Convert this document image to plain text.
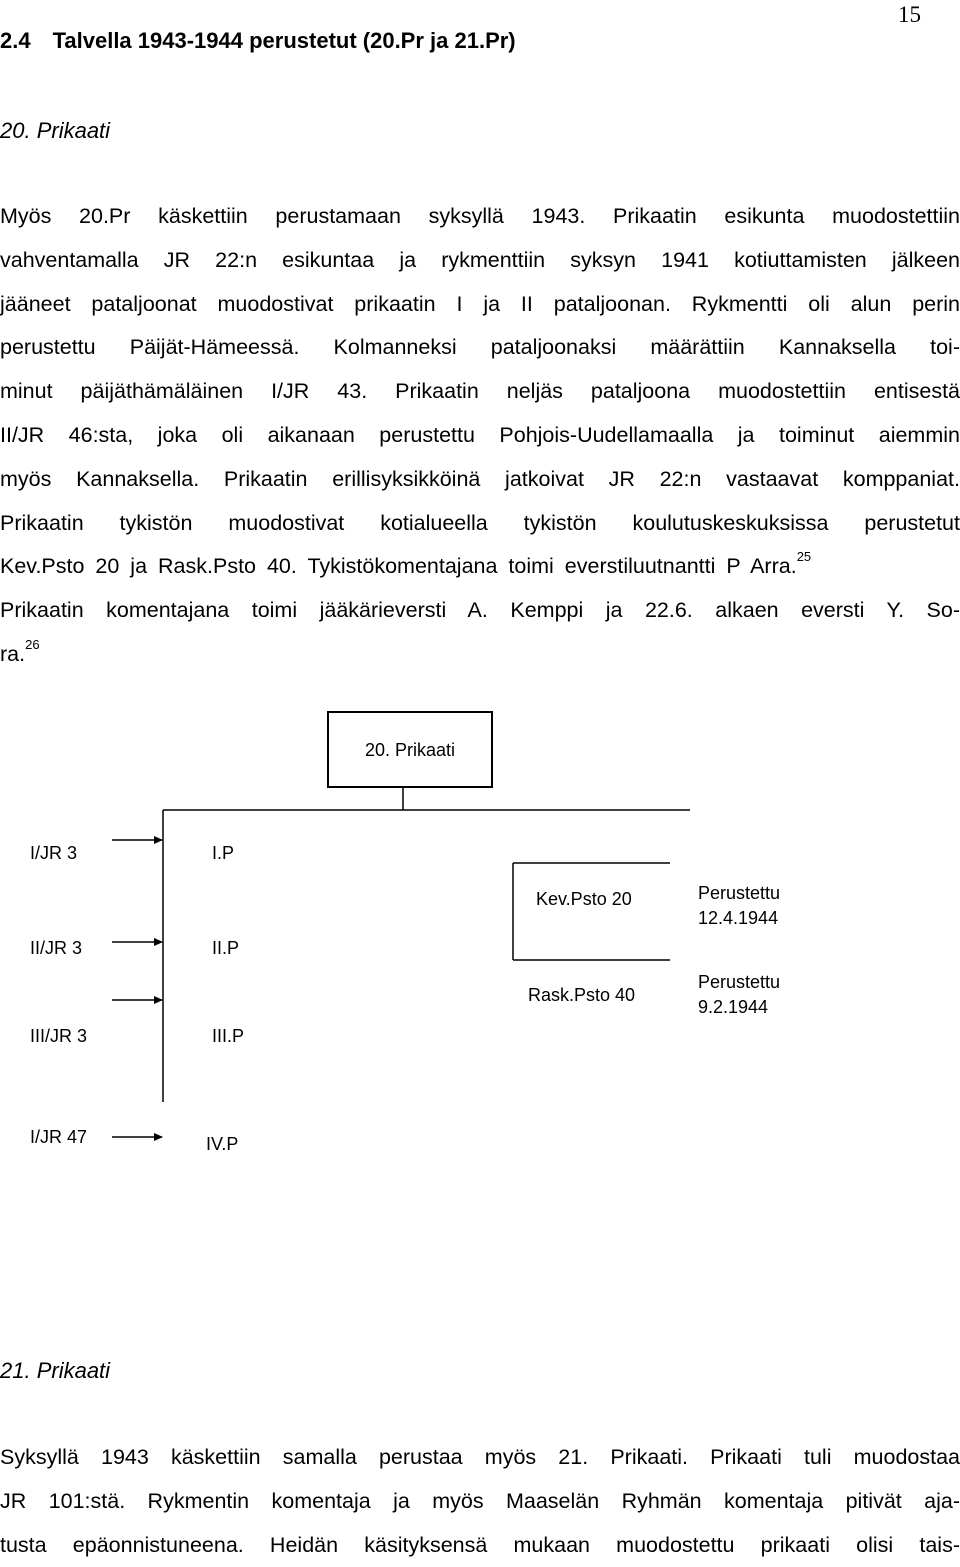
15
2.4 Talvella 1943-1944 perustetut (20.Pr ja 21.Pr)
20. Prikaati
Myös 20.Pr käskettiin perustamaan syksyllä 1943. Prikaatin esikunta muodostettiin
vahventamalla JR 22:n esikuntaa ja rykmenttiin syksyn 1941 kotiuttamisten jälkeen
jääneet pataljoonat muodostivat prikaatin I ja II pataljoonan. Rykmentti oli alun perin
perustettu Päijät-Hämeessä. Kolmanneksi pataljoonaksi määrättiin Kannaksella toi-
minut päijäthämäläinen I/JR 43. Prikaatin neljäs pataljoona muodostettiin entisestä
II/JR 46:sta, joka oli aikanaan perustettu Pohjois-Uudellamaalla ja toiminut aiemmin
myös Kannaksella. Prikaatin erillisyksikköinä jatkoivat JR 22:n vastaavat komppaniat.
Prikaatin tykistön muodostivat kotialueella tykistön koulutuskeskuksissa perustetut
Kev.Psto 20 ja Rask.Psto 40. Tykistökomentajana toimi everstiluutnantti P Arra.$^{25}$
Prikaatin komentajana toimi jääkärieversti A. Kemppi ja 22.6. alkaen eversti Y. So-
ra.$^{26}$
20. Prikaati
I/JR 3
II/JR 3
III/JR 3
I/JR 47
I.P
II.P
III.P
IV.P
Kev.Psto 20
Rask.Psto 40
Perustettu
12.4.1944
Perustettu
9.2.1944
21. Prikaati
Syksyllä 1943 käskettiin samalla perustaa myös 21. Prikaati. Prikaati tuli muodostaa
JR 101:stä. Rykmentin komentaja ja myös Maaselän Ryhmän komentaja pitivät aja-
tusta epäonnistuneena. Heidän käsityksensä mukaan muodostettu prikaati olisi tais-
